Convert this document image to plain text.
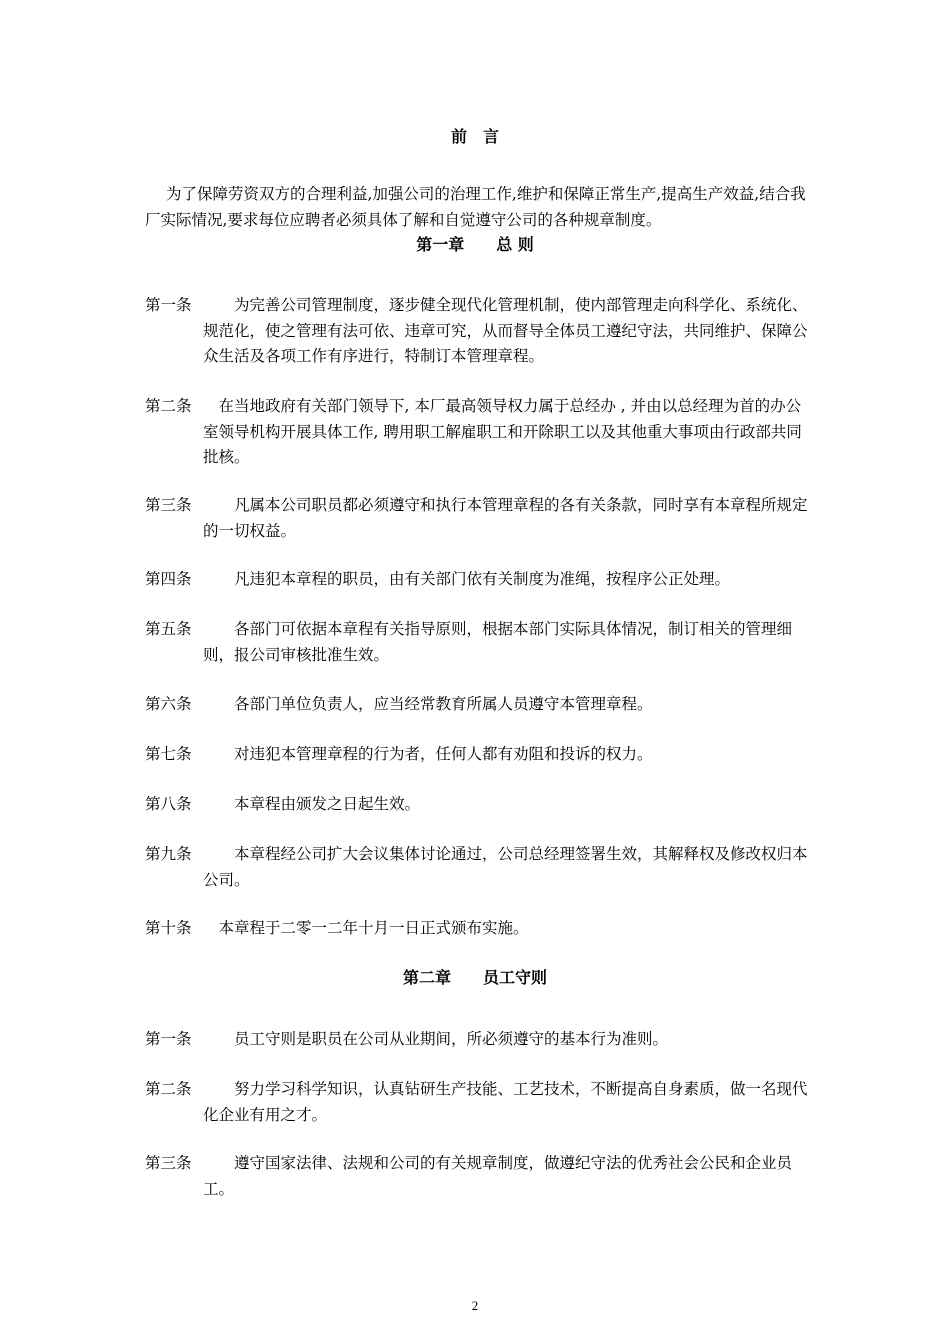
前　言
为了保障劳资双方的合理利益,加强公司的治理工作,维护和保障正常生产,提高生产效益,结合我厂实际情况,要求每位应聘者必须具体了解和自觉遵守公司的各种规章制度。
第一章　　总 则
第一条
　　	为完善公司管理制度，逐步健全现代化管理机制，使内部管理走向科学化、系统化、规范化，使之管理有法可依、违章可究，从而督导全体员工遵纪守法，共同维护、保障公众生活及各项工作有序进行，特制订本管理章程。
第二条
　	在当地政府有关部门领导下, 本厂最高领导权力属于总经办 , 并由以总经理为首的办公室领导机构开展具体工作, 聘用职工解雇职工和开除职工以及其他重大事项由行政部共同批核。
第三条
　　	凡属本公司职员都必须遵守和执行本管理章程的各有关条款，同时享有本章程所规定的一切权益。
第四条
　　	凡违犯本章程的职员，由有关部门依有关制度为准绳，按程序公正处理。
第五条
　　	各部门可依据本章程有关指导原则，根据本部门实际具体情况，制订相关的管理细则，报公司审核批准生效。
第六条
　　	各部门单位负责人，应当经常教育所属人员遵守本管理章程。
第七条
　　	对违犯本管理章程的行为者，任何人都有劝阻和投诉的权力。
第八条
　　	本章程由颁发之日起生效。
第九条
　　	本章程经公司扩大会议集体讨论通过，公司总经理签署生效，其解释权及修改权归本公司。
第十条
　	本章程于二零一二年十月一日正式颁布实施。
第二章　　员工守则
第一条
　　	员工守则是职员在公司从业期间，所必须遵守的基本行为准则。
第二条
　　	努力学习科学知识，认真钻研生产技能、工艺技术，不断提高自身素质，做一名现代化企业有用之才。
第三条
　　	遵守国家法律、法规和公司的有关规章制度，做遵纪守法的优秀社会公民和企业员工。
2
